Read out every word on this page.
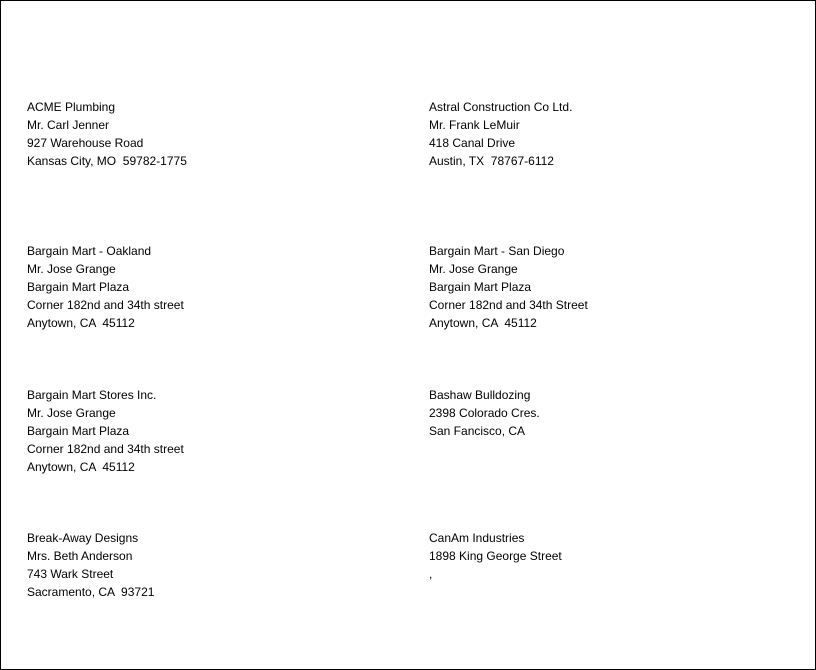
ACME Plumbing
Mr. Carl Jenner
927 Warehouse Road
Kansas City, MO  59782-1775
Astral Construction Co Ltd.
Mr. Frank LeMuir
418 Canal Drive
Austin, TX  78767-6112
Bargain Mart - Oakland
Mr. Jose Grange
Bargain Mart Plaza
Corner 182nd and 34th street
Anytown, CA  45112
Bargain Mart - San Diego
Mr. Jose Grange
Bargain Mart Plaza
Corner 182nd and 34th Street
Anytown, CA  45112
Bargain Mart Stores Inc.
Mr. Jose Grange
Bargain Mart Plaza
Corner 182nd and 34th street
Anytown, CA  45112
Bashaw Bulldozing
2398 Colorado Cres.
San Fancisco, CA
Break-Away Designs
Mrs. Beth Anderson
743 Wark Street
Sacramento, CA  93721
CanAm Industries
1898 King George Street
,
